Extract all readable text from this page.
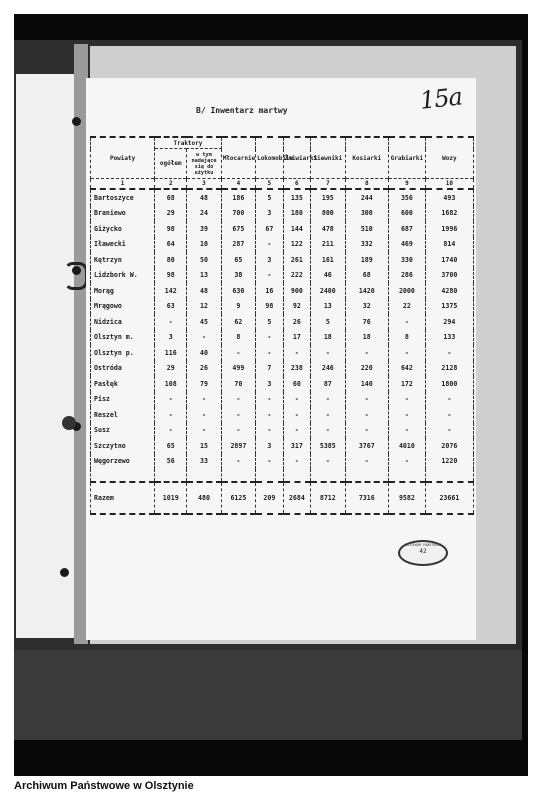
15a
B/ Inwentarz martwy
Powiaty	Traktory		Młocarnie	Lokomobile	Żniwiarki	Siewniki	Kosiarki	Grabiarki	Wozy
	ogółem	w tym nadające się do użytku							
1	2	3	4	5	6	7	8	9	10
Bartoszyce	68	48	186	5	135	195	244	356	493
Braniewo	29	24	700	3	180	800	300	600	1682
Giżycko	98	39	675	67	144	478	510	687	1996
Iławecki	64	10	287	-	122	211	332	469	814
Kętrzyn	80	50	65	3	261	161	189	330	1740
Lidzbork W.	98	13	38	-	222	46	68	286	3700
Morąg	142	48	630	16	900	2400	1420	2000	4280
Mrągowo	63	12	9	98	92	13	32	22	1375
Nidzica	-	45	62	5	26	5	76	-	294
Olsztyn m.	3	-	8	-	17	18	18	8	133
Olsztyn p.	116	40	-	-	-	-	-	-	-
Ostróda	29	26	499	7	238	246	220	642	2128
Pasłęk	108	79	70	3	60	87	140	172	1800
Pisz	-	-	-	-	-	-	-	-	-
Reszel	-	-	-	-	-	-	-	-	-
Susz	-	-	-	-	-	-	-	-	-
Szczytno	65	15	2897	3	317	5385	3767	4010	2076
Węgorzewo	56	33	-	-	-	-	-	-	1220

Razem	1019	480	6125	209	2684	8712	7316	9582	23661
ARCHIWUM PAŃSTWOWE
42
Archiwum Państwowe w Olsztynie
